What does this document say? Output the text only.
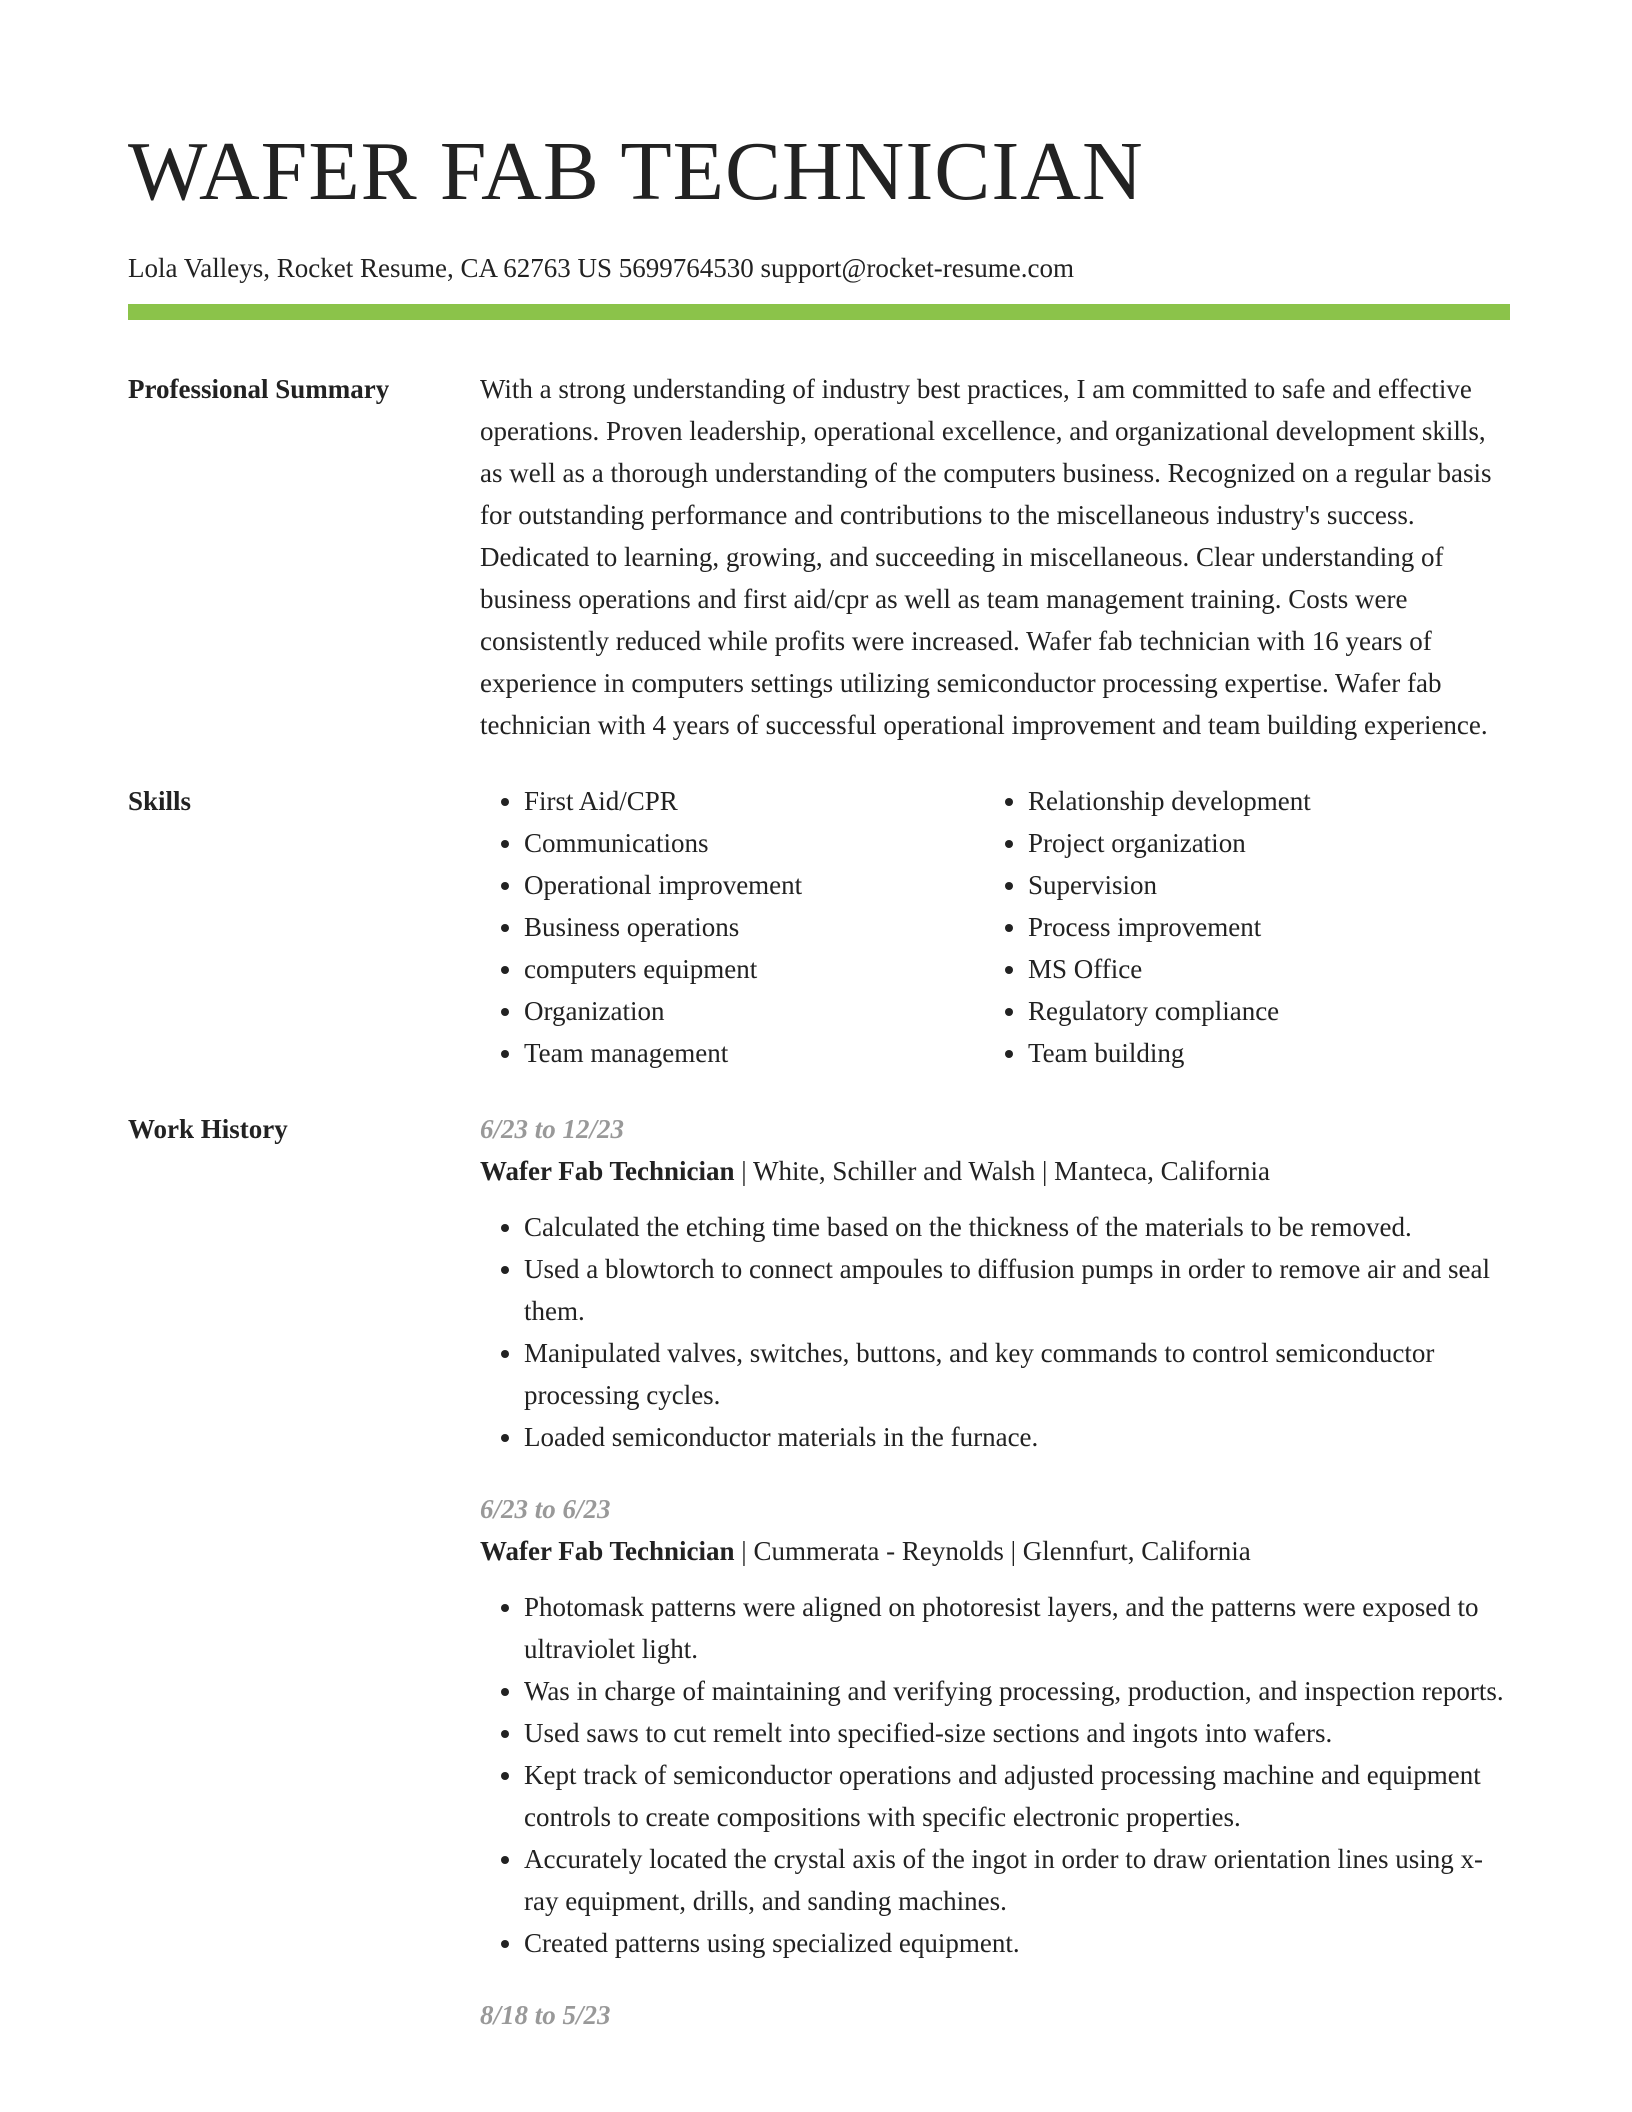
WAFER FAB TECHNICIAN
Lola Valleys, Rocket Resume, CA 62763 US 5699764530 support@rocket-resume.com
Professional Summary	With a strong understanding of industry best practices, I am committed to safe and effective operations. Proven leadership, operational excellence, and organizational development skills, as well as a thorough understanding of the computers business. Recognized on a regular basis for outstanding performance and contributions to the miscellaneous industry's success. Dedicated to learning, growing, and succeeding in miscellaneous. Clear understanding of business operations and first aid/cpr as well as team management training. Costs were consistently reduced while profits were increased. Wafer fab technician with 16 years of experience in computers settings utilizing semiconductor processing expertise. Wafer fab technician with 4 years of successful operational improvement and team building experience.

Skills
•	First Aid/CPR
• Communications
• Operational improvement
• Business operations
• computers equipment
• Organization
• Team management
• Relationship development
• Project organization
• Supervision
• Process improvement
• MS Office
• Regulatory compliance
• Team building
Work History	6/23 to 12/23
Wafer Fab Technician | White, Schiller and Walsh | Manteca, California
• Calculated the etching time based on the thickness of the materials to be removed.
• Used a blowtorch to connect ampoules to diffusion pumps in order to remove air and seal them.
• Manipulated valves, switches, buttons, and key commands to control semiconductor processing cycles.
• Loaded semiconductor materials in the furnace.
6/23 to 6/23
Wafer Fab Technician | Cummerata - Reynolds | Glennfurt, California
• Photomask patterns were aligned on photoresist layers, and the patterns were exposed to ultraviolet light.
• Was in charge of maintaining and verifying processing, production, and inspection reports.
• Used saws to cut remelt into specified-size sections and ingots into wafers.
• Kept track of semiconductor operations and adjusted processing machine and equipment controls to create compositions with specific electronic properties.
• Accurately located the crystal axis of the ingot in order to draw orientation lines using x-ray equipment, drills, and sanding machines.
• Created patterns using specialized equipment.
8/18 to 5/23
